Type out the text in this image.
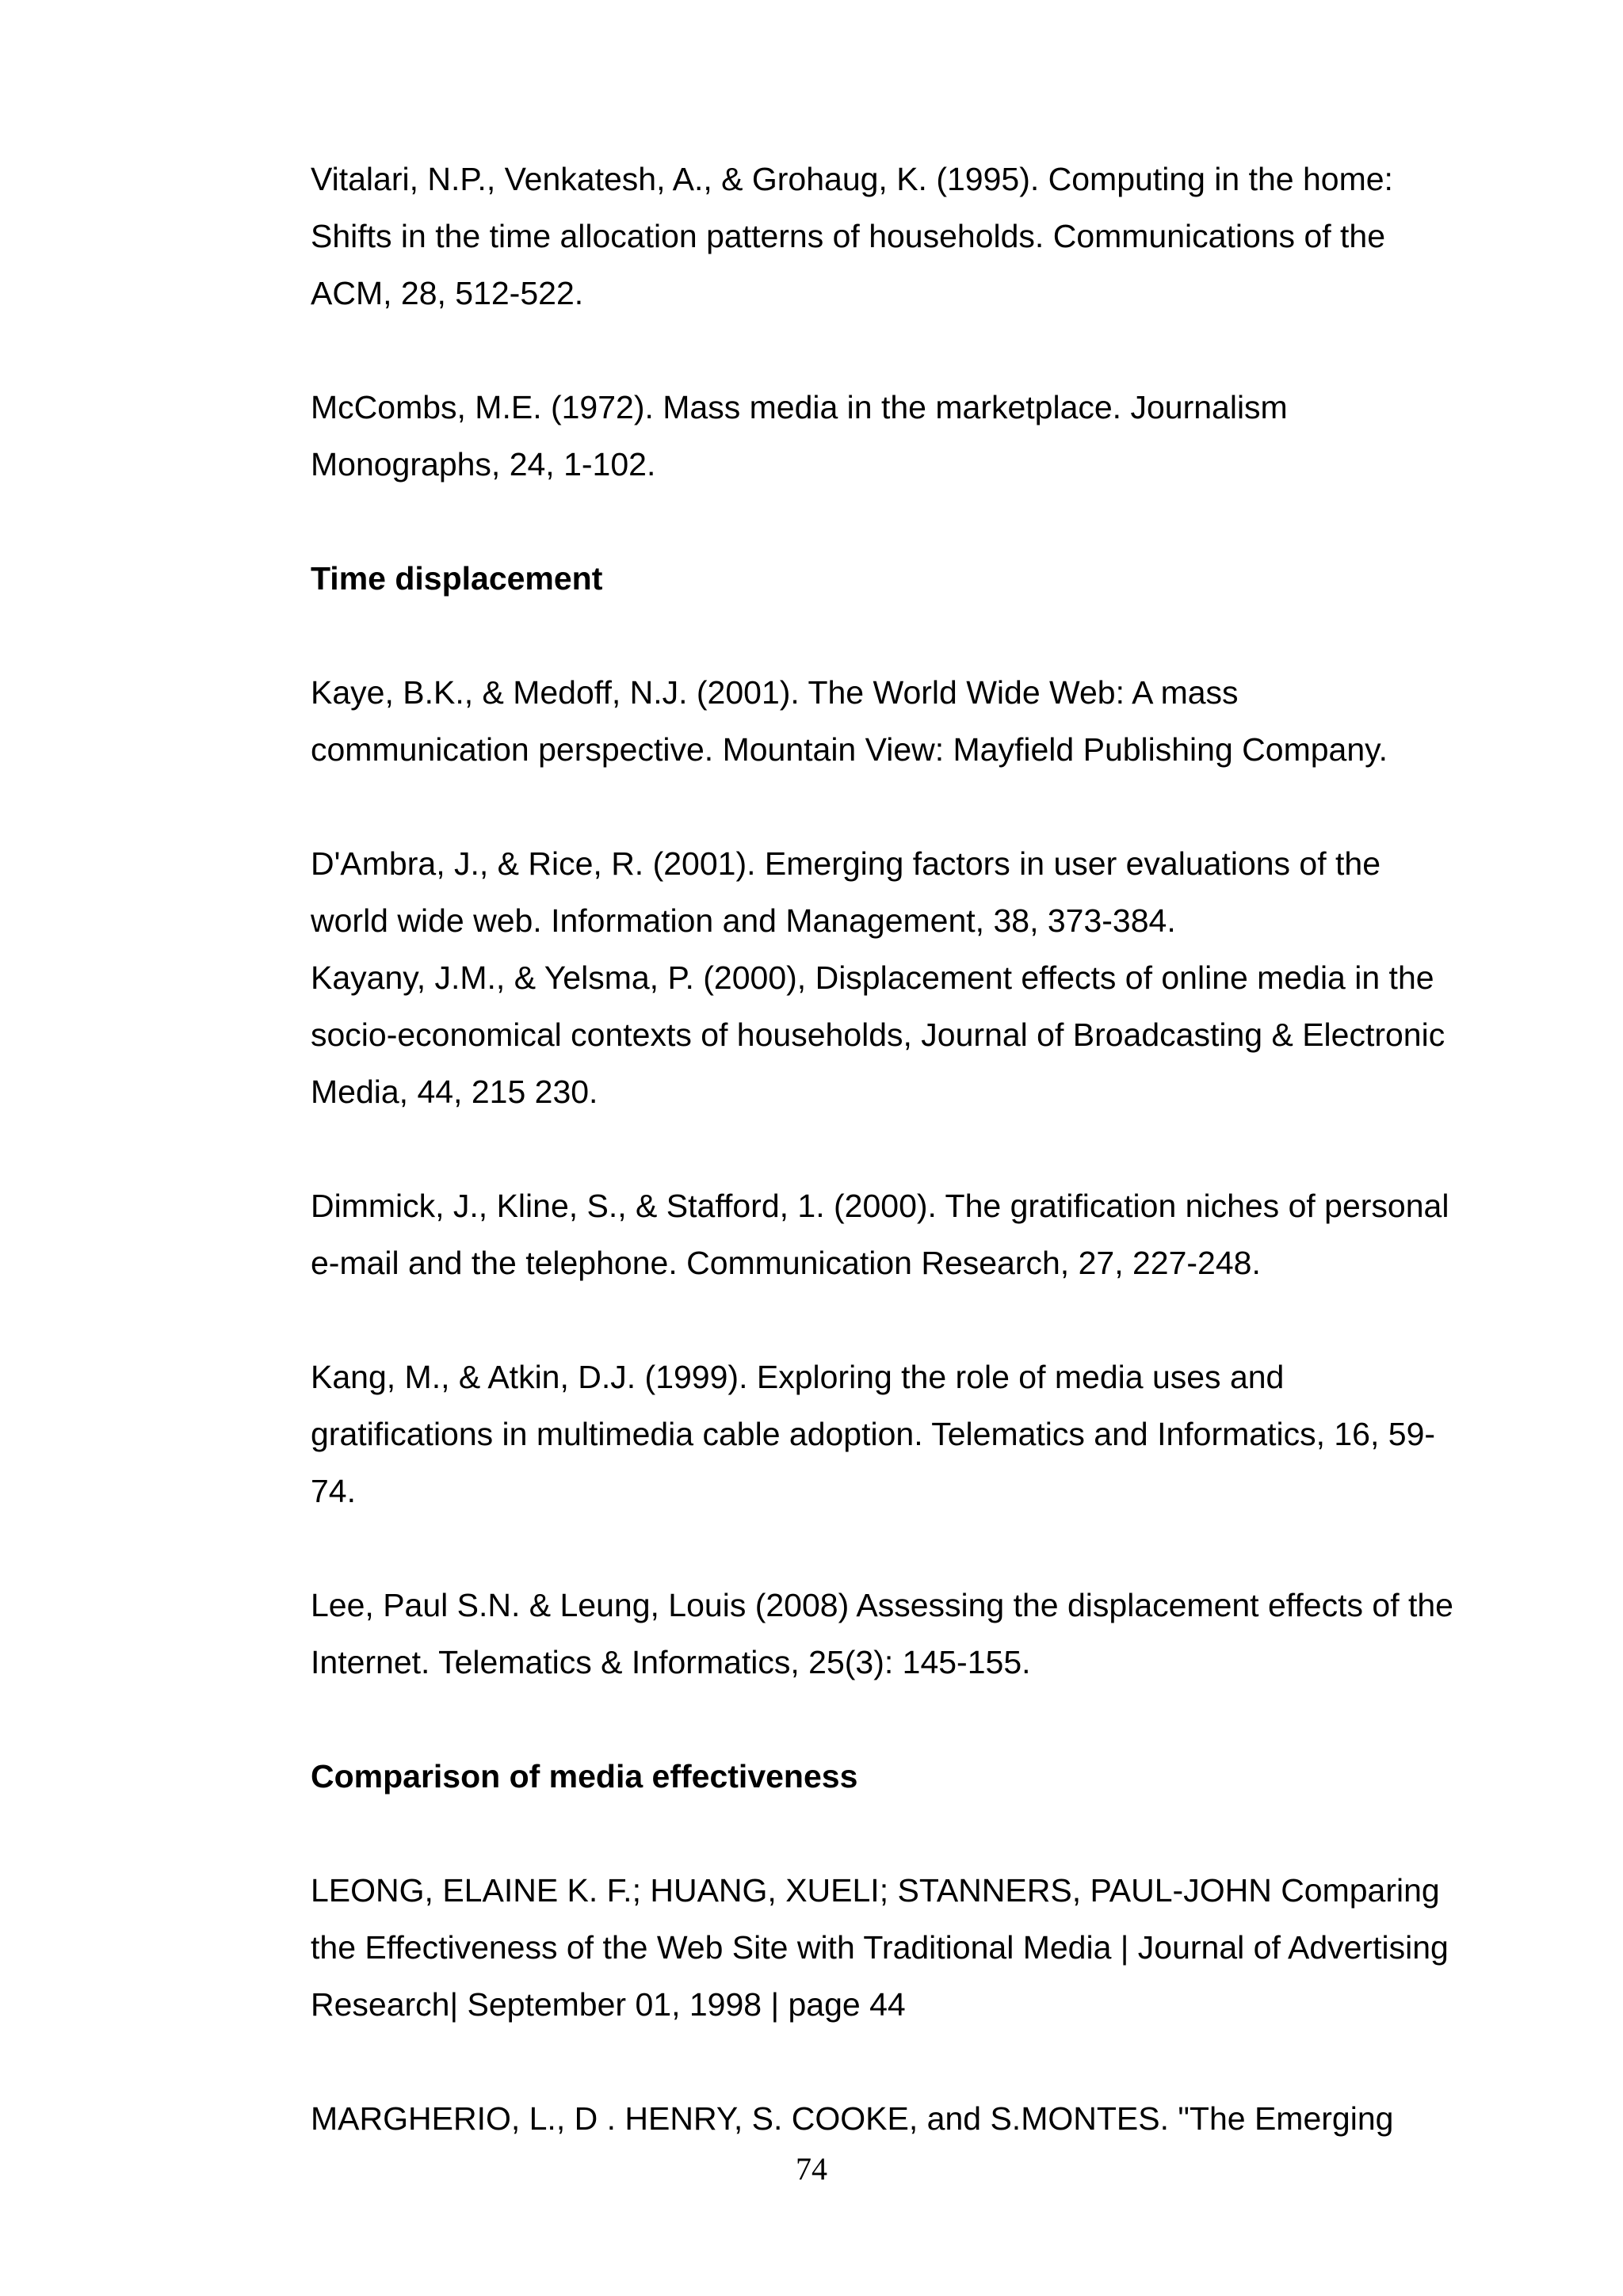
Vitalari, N.P., Venkatesh, A., & Grohaug, K. (1995). Computing in the home:

Shifts in the time allocation patterns of households. Communications of the

ACM, 28, 512-522.

McCombs, M.E. (1972). Mass media in the marketplace. Journalism

Monographs, 24, 1-102.

Time displacement

Kaye, B.K., & Medoff, N.J. (2001). The World Wide Web: A mass

communication perspective. Mountain View: Mayfield Publishing Company.

D'Ambra, J., & Rice, R. (2001). Emerging factors in user evaluations of the

world wide web. Information and Management, 38, 373-384.

Kayany, J.M., & Yelsma, P. (2000), Displacement effects of online media in the

socio-economical contexts of households, Journal of Broadcasting & Electronic

Media, 44, 215 230.

Dimmick, J., Kline, S., & Stafford, 1. (2000). The gratification niches of personal

e-mail and the telephone. Communication Research, 27, 227-248.

Kang, M., & Atkin, D.J. (1999). Exploring the role of media uses and

gratifications in multimedia cable adoption. Telematics and Informatics, 16, 59-

74.

Lee, Paul S.N. & Leung, Louis (2008) Assessing the displacement effects of the

Internet. Telematics & Informatics, 25(3): 145-155.

Comparison of media effectiveness

LEONG, ELAINE K. F.; HUANG, XUELI; STANNERS, PAUL-JOHN Comparing

the Effectiveness of the Web Site with Traditional Media | Journal of Advertising

Research| September 01, 1998 | page 44

MARGHERIO, L., D . HENRY, S. COOKE, and S.MONTES. "The Emerging

74
